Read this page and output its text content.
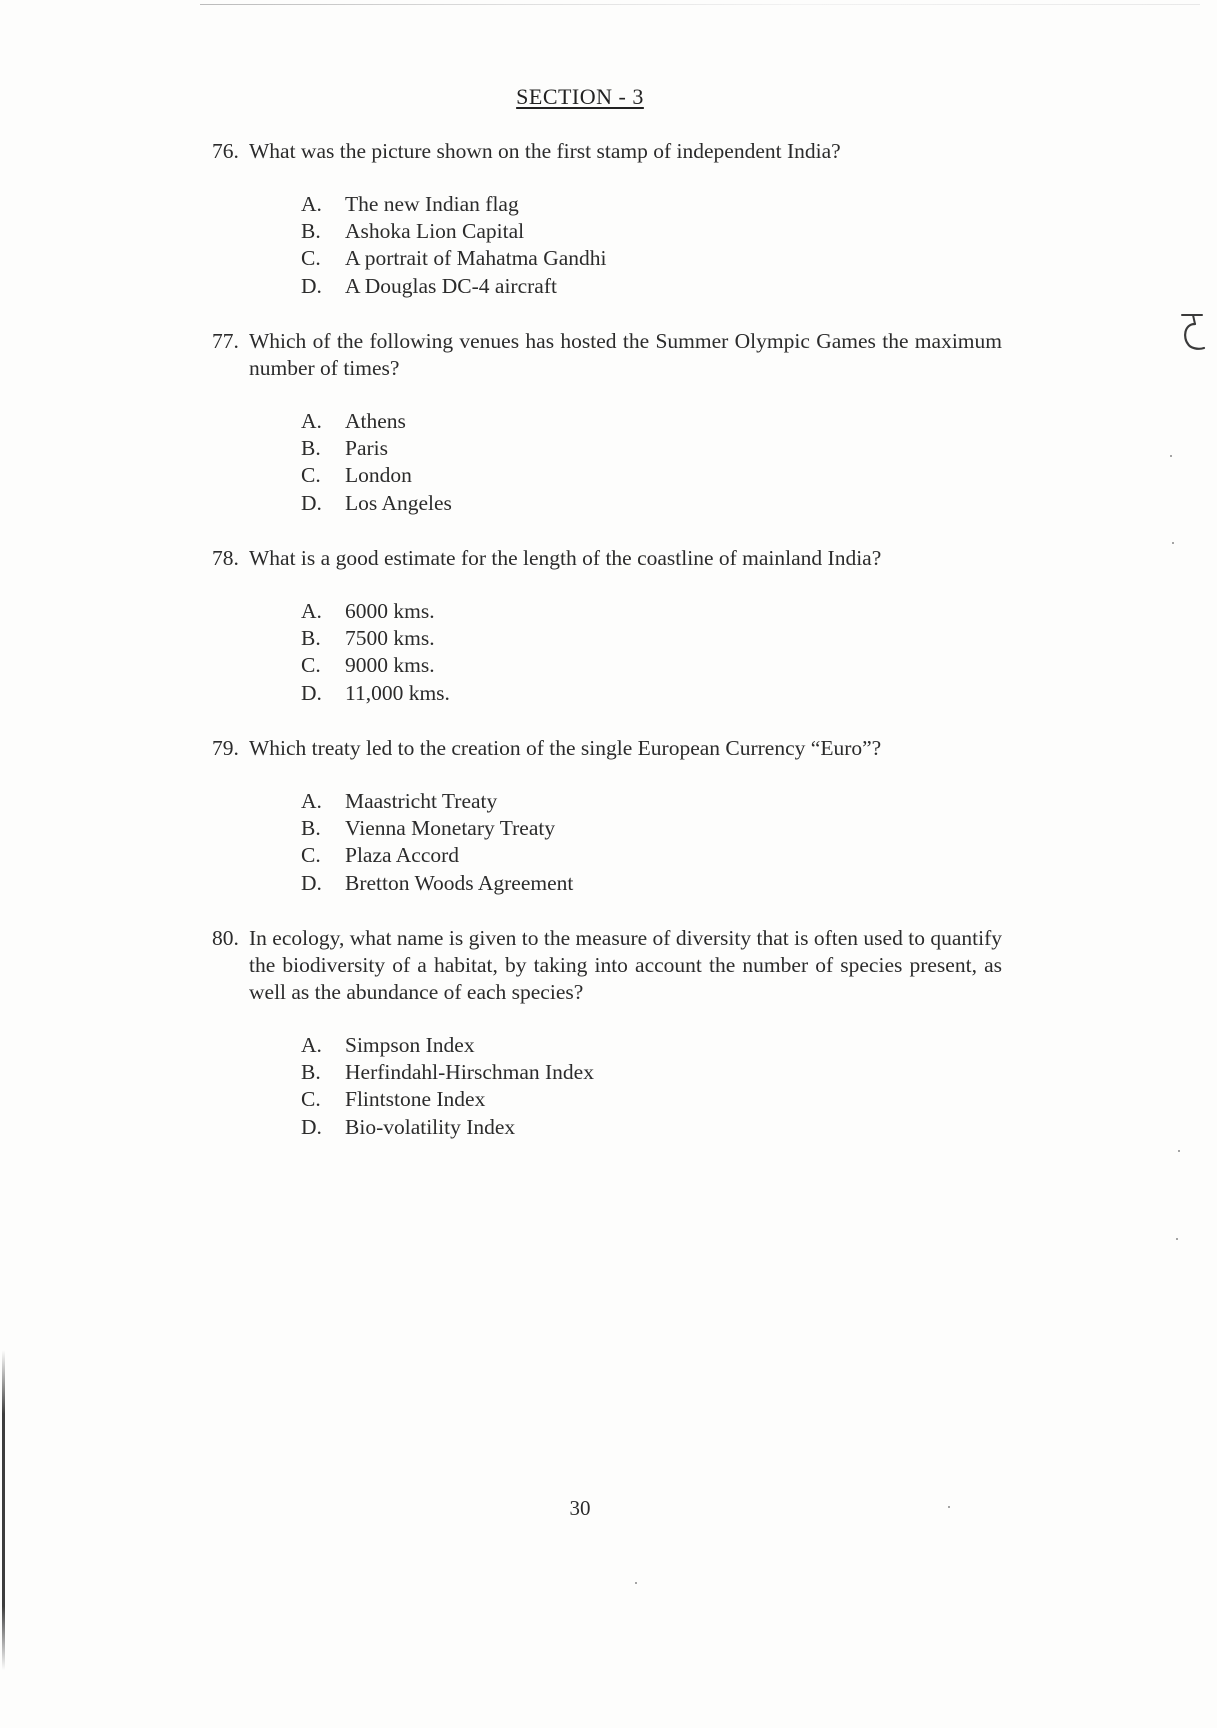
SECTION - 3
76. What was the picture shown on the first stamp of independent India?
A.	The new Indian flag
B.	Ashoka Lion Capital
C.	A portrait of Mahatma Gandhi
D.	A Douglas DC-4 aircraft
77. Which of the following venues has hosted the Summer Olympic Games the maximum number of times?
A.	Athens
B.	Paris
C.	London
D.	Los Angeles
78. What is a good estimate for the length of the coastline of mainland India?
A.	6000 kms.
B.	7500 kms.
C.	9000 kms.
D.	11,000 kms.
79. Which treaty led to the creation of the single European Currency “Euro”?
A.	Maastricht Treaty
B.	Vienna Monetary Treaty
C.	Plaza Accord
D.	Bretton Woods Agreement
80. In ecology, what name is given to the measure of diversity that is often used to quantify the biodiversity of a habitat, by taking into account the number of species present, as well as the abundance of each species?
A.	Simpson Index
B.	Herfindahl-Hirschman Index
C.	Flintstone Index
D.	Bio-volatility Index
30
